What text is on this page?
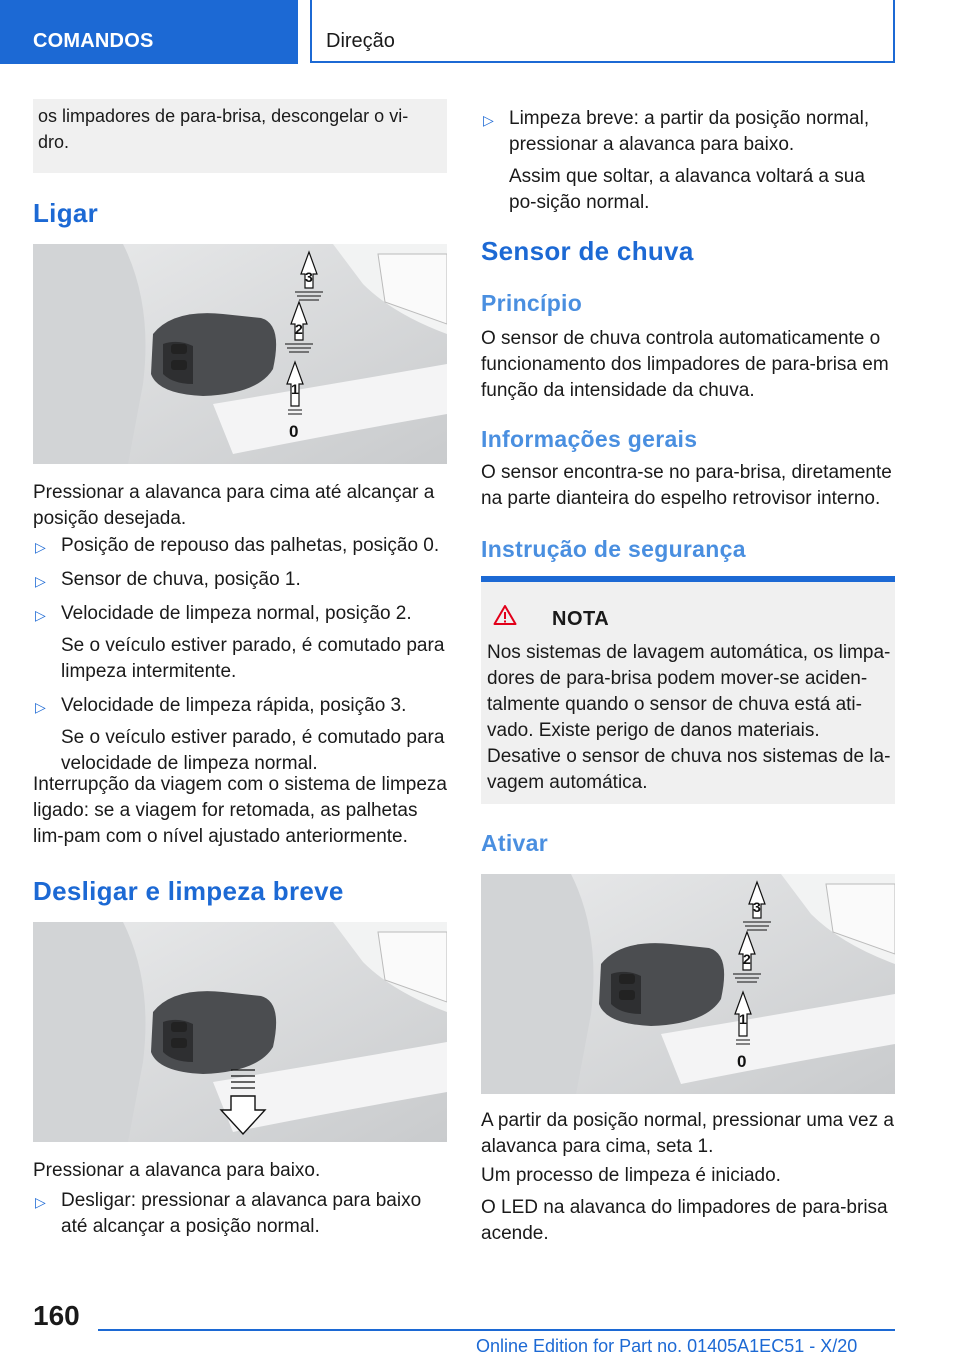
COMANDOS	Direção

os limpadores de para-brisa, descongelar o vi-
dro.

Ligar
3
2
1
0

Pressionar a alavanca para cima até alcançar a posição desejada.

▷ Posição de repouso das palhetas, posição 0.
▷ Sensor de chuva, posição 1.
▷ Velocidade de limpeza normal, posição 2.
Se o veículo estiver parado, é comutado para limpeza intermitente.
▷ Velocidade de limpeza rápida, posição 3.
Se o veículo estiver parado, é comutado para velocidade de limpeza normal.

Interrupção da viagem com o sistema de limpeza ligado: se a viagem for retomada, as palhetas lim-pam com o nível ajustado anteriormente.

Desligar e limpeza breve

Pressionar a alavanca para baixo.

▷ Desligar: pressionar a alavanca para baixo até alcançar a posição normal.
▷ Limpeza breve: a partir da posição normal, pressionar a alavanca para baixo.
Assim que soltar, a alavanca voltará a sua po-sição normal.
Sensor de chuva
Princípio

O sensor de chuva controla automaticamente o funcionamento dos limpadores de para-brisa em função da intensidade da chuva.

Informações gerais

O sensor encontra-se no para-brisa, diretamente na parte dianteira do espelho retrovisor interno.

Instrução de segurança
NOTA

Nos sistemas de lavagem automática, os limpa-dores de para-brisa podem mover-se aciden-talmente quando o sensor de chuva está ati-vado. Existe perigo de danos materiais. Desative o sensor de chuva nos sistemas de la-vagem automática.

Ativar
3
2
1
0

A partir da posição normal, pressionar uma vez a alavanca para cima, seta 1.

Um processo de limpeza é iniciado.

O LED na alavanca do limpadores de para-brisa acende.

160
Online Edition for Part no. 01405A1EC51 - X/20
